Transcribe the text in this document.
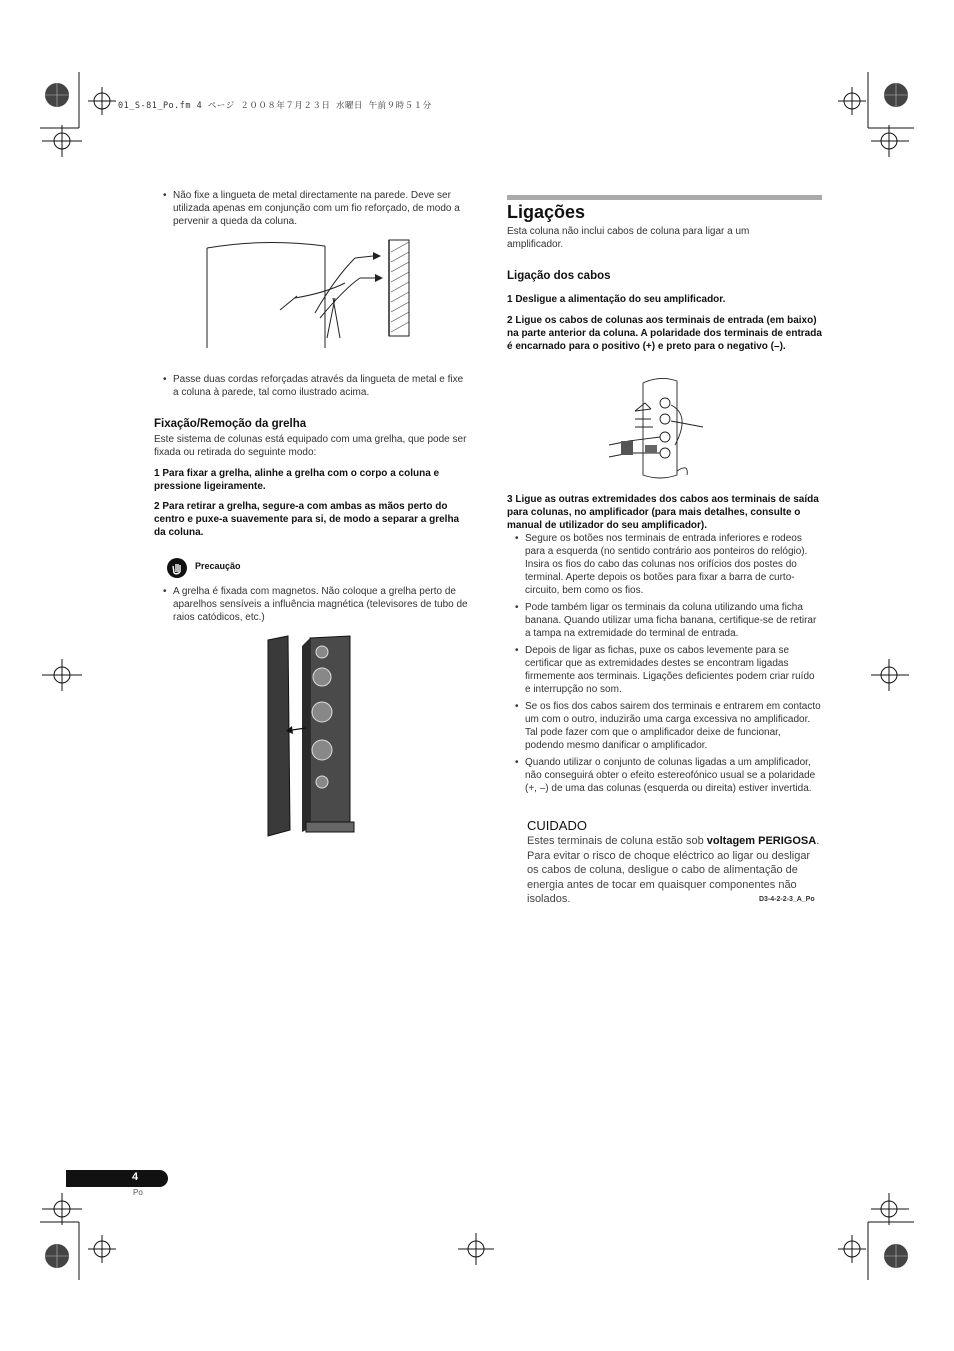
01_S-81_Po.fm 4 ページ ２００８年７月２３日 水曜日 午前９時５１分
• Não fixe a lingueta de metal directamente na parede. Deve ser utilizada apenas em conjunção com um fio reforçado, de modo a pervenir a queda da coluna.
• Passe duas cordas reforçadas através da lingueta de metal e fixe a coluna à parede, tal como ilustrado acima.
Fixação/Remoção da grelha
Este sistema de colunas está equipado com uma grelha, que pode ser fixada ou retirada do seguinte modo:
1 Para fixar a grelha, alinhe a grelha com o corpo a coluna e pressione ligeiramente.
2 Para retirar a grelha, segure-a com ambas as mãos perto do centro e puxe-a suavemente para si, de modo a separar a grelha da coluna.
Precaução
• A grelha é fixada com magnetos. Não coloque a grelha perto de aparelhos sensíveis a influência magnética (televisores de tubo de raios catódicos, etc.)
Ligações
Esta coluna não inclui cabos de coluna para ligar a um amplificador.
Ligação dos cabos
1 Desligue a alimentação do seu amplificador.
2 Ligue os cabos de colunas aos terminais de entrada (em baixo) na parte anterior da coluna. A polaridade dos terminais de entrada é encarnado para o positivo (+) e preto para o negativo (–).
3 Ligue as outras extremidades dos cabos aos terminais de saída para colunas, no amplificador (para mais detalhes, consulte o manual de utilizador do seu amplificador).
• Segure os botões nos terminais de entrada inferiores e rodeos para a esquerda (no sentido contrário aos ponteiros do relógio). Insira os fios do cabo das colunas nos orifícios dos postes do terminal. Aperte depois os botões para fixar a barra de curto-circuito, bem como os fios.
• Pode também ligar os terminais da coluna utilizando uma ficha banana. Quando utilizar uma ficha banana, certifique-se de retirar a tampa na extremidade do terminal de entrada.
• Depois de ligar as fichas, puxe os cabos levemente para se certificar que as extremidades destes se encontram ligadas firmemente aos terminais. Ligações deficientes podem criar ruído e interrupção no som.
• Se os fios dos cabos sairem dos terminais e entrarem em contacto um com o outro, induzirão uma carga excessiva no amplificador. Tal pode fazer com que o amplificador deixe de funcionar, podendo mesmo danificar o amplificador.
• Quando utilizar o conjunto de colunas ligadas a um amplificador, não conseguirá obter o efeito estereofónico usual se a polaridade (+, –) de uma das colunas (esquerda ou direita) estiver invertida.
CUIDADO
Estes terminais de coluna estão sob voltagem PERIGOSA. Para evitar o risco de choque eléctrico ao ligar ou desligar os cabos de coluna, desligue o cabo de alimentação de energia antes de tocar em quaisquer componentes não isolados.	D3-4-2-2-3_A_Po
4
Po
